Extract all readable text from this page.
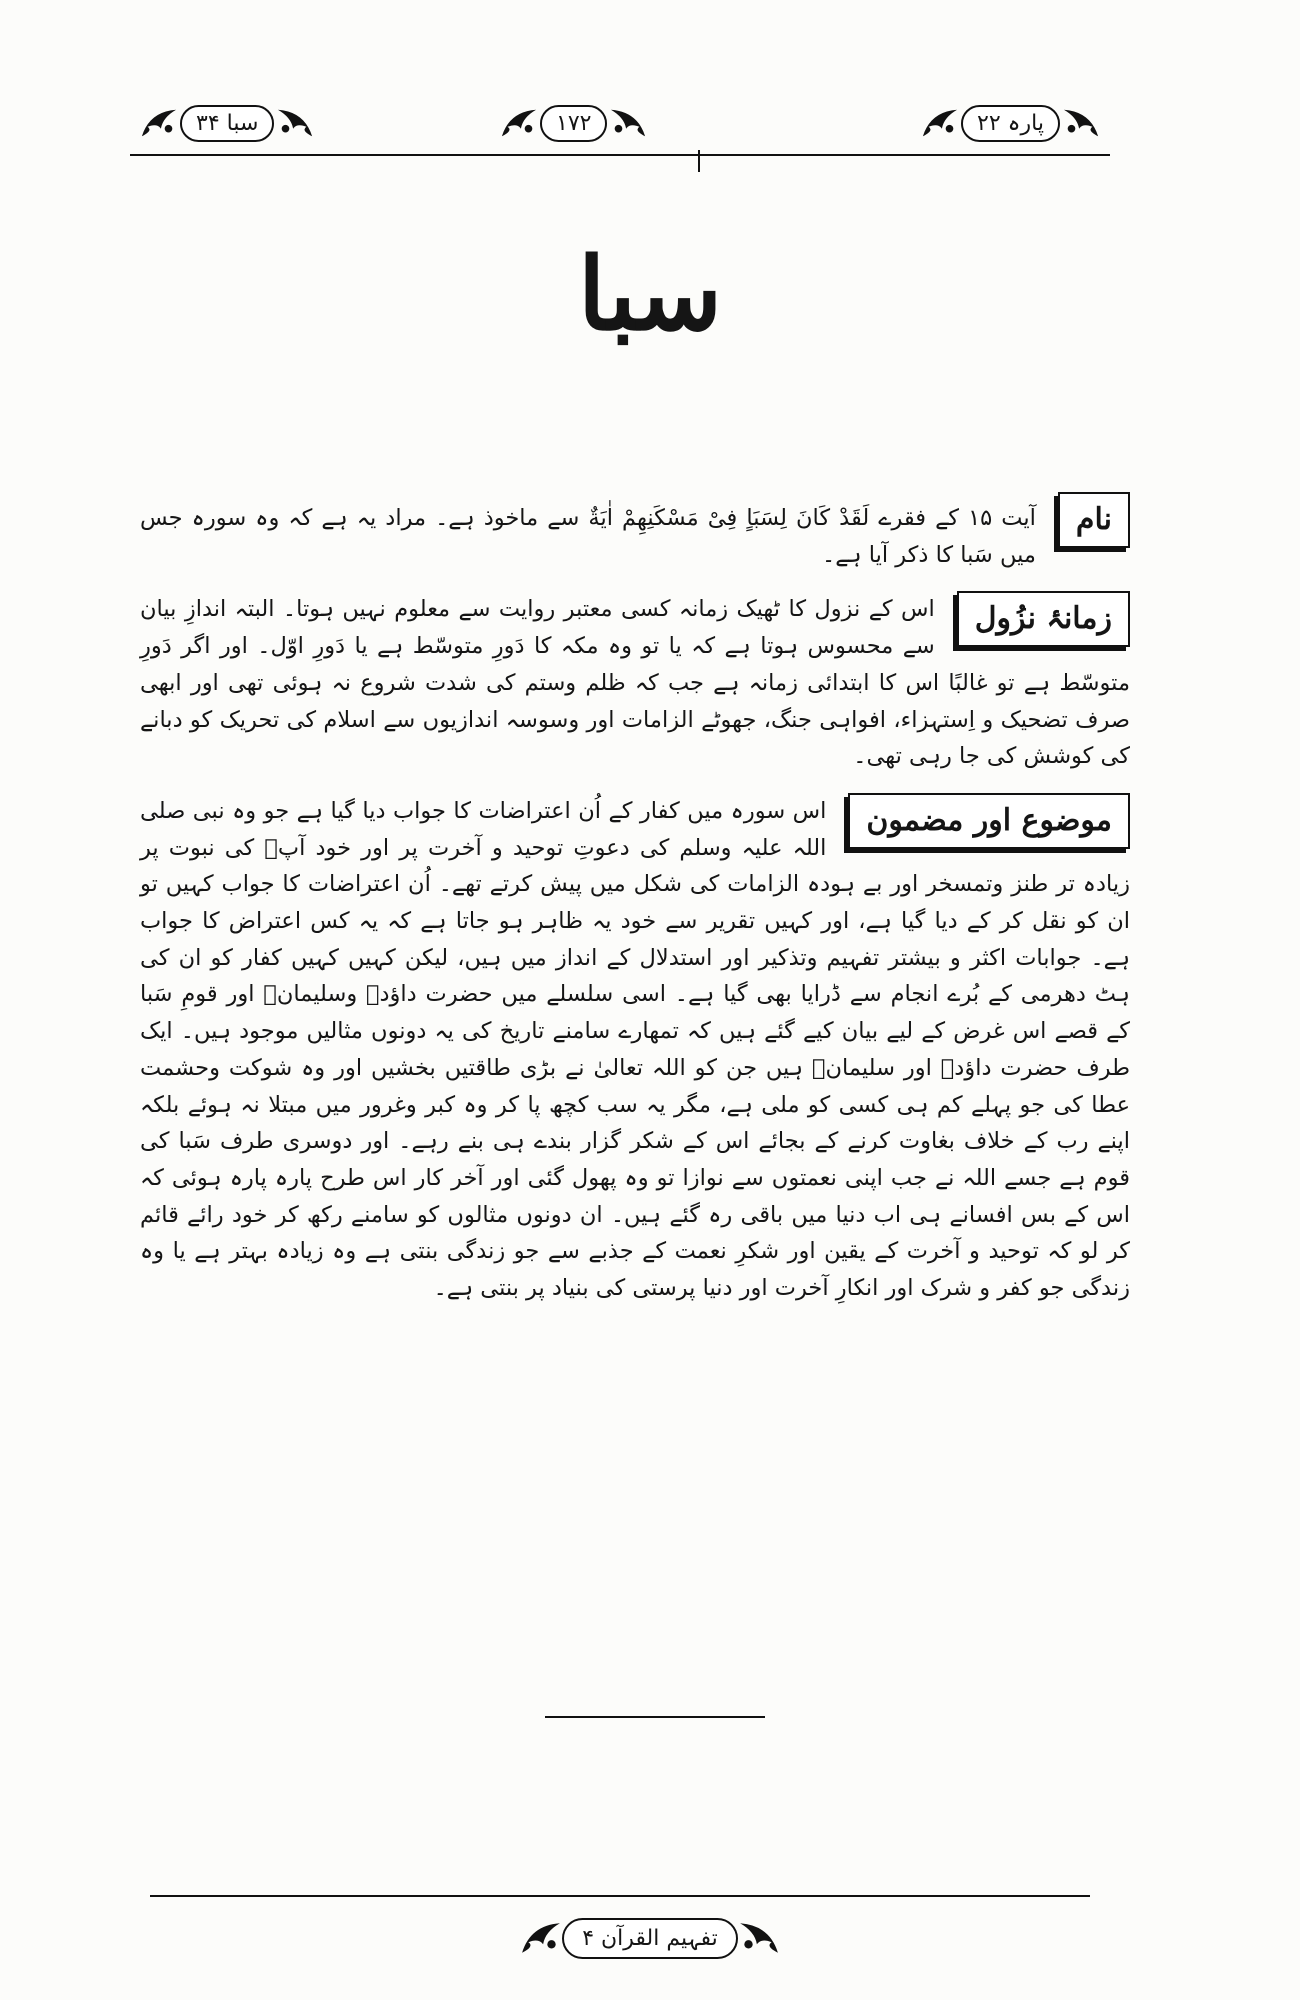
سبا ۳۴	۱۷۲	پارہ ۲۲
سبا
نام
آیت ۱۵ کے فقرے لَقَدْ كَانَ لِسَبَاٍ فِیْ مَسْكَنِهِمْ اٰیَةٌ سے ماخوذ ہے۔ مراد یہ ہے کہ وہ سورہ جس میں سَبا کا ذکر آیا ہے۔
زمانۂ نزُول
اس کے نزول کا ٹھیک زمانہ کسی معتبر روایت سے معلوم نہیں ہوتا۔ البتہ اندازِ بیان سے محسوس ہوتا ہے کہ یا تو وہ مکہ کا دَورِ متوسّط ہے یا دَورِ اوّل۔ اور اگر دَورِ متوسّط ہے تو غالبًا اس کا ابتدائی زمانہ ہے جب کہ ظلم وستم کی شدت شروع نہ ہوئی تھی اور ابھی صرف تضحیک و اِستہزاء، افواہی جنگ، جھوٹے الزامات اور وسوسہ اندازیوں سے اسلام کی تحریک کو دبانے کی کوشش کی جا رہی تھی۔
موضوع اور مضمون
اس سورہ میں کفار کے اُن اعتراضات کا جواب دیا گیا ہے جو وہ نبی صلی اللہ علیہ وسلم کی دعوتِ توحید و آخرت پر اور خود آپؐ کی نبوت پر زیادہ تر طنز وتمسخر اور بے ہودہ الزامات کی شکل میں پیش کرتے تھے۔ اُن اعتراضات کا جواب کہیں تو ان کو نقل کر کے دیا گیا ہے، اور کہیں تقریر سے خود یہ ظاہر ہو جاتا ہے کہ یہ کس اعتراض کا جواب ہے۔ جوابات اکثر و بیشتر تفہیم وتذکیر اور استدلال کے انداز میں ہیں، لیکن کہیں کہیں کفار کو ان کی ہٹ دھرمی کے بُرے انجام سے ڈرایا بھی گیا ہے۔ اسی سلسلے میں حضرت داؤدؑ وسلیمانؑ اور قومِ سَبا کے قصے اس غرض کے لیے بیان کیے گئے ہیں کہ تمھارے سامنے تاریخ کی یہ دونوں مثالیں موجود ہیں۔ ایک طرف حضرت داؤدؑ اور سلیمانؑ ہیں جن کو اللہ تعالیٰ نے بڑی طاقتیں بخشیں اور وہ شوکت وحشمت عطا کی جو پہلے کم ہی کسی کو ملی ہے، مگر یہ سب کچھ پا کر وہ کبر وغرور میں مبتلا نہ ہوئے بلکہ اپنے رب کے خلاف بغاوت کرنے کے بجائے اس کے شکر گزار بندے ہی بنے رہے۔ اور دوسری طرف سَبا کی قوم ہے جسے اللہ نے جب اپنی نعمتوں سے نوازا تو وہ پھول گئی اور آخر کار اس طرح پارہ پارہ ہوئی کہ اس کے بس افسانے ہی اب دنیا میں باقی رہ گئے ہیں۔ ان دونوں مثالوں کو سامنے رکھ کر خود رائے قائم کر لو کہ توحید و آخرت کے یقین اور شکرِ نعمت کے جذبے سے جو زندگی بنتی ہے وہ زیادہ بہتر ہے یا وہ زندگی جو کفر و شرک اور انکارِ آخرت اور دنیا پرستی کی بنیاد پر بنتی ہے۔
تفہیم القرآن ۴
